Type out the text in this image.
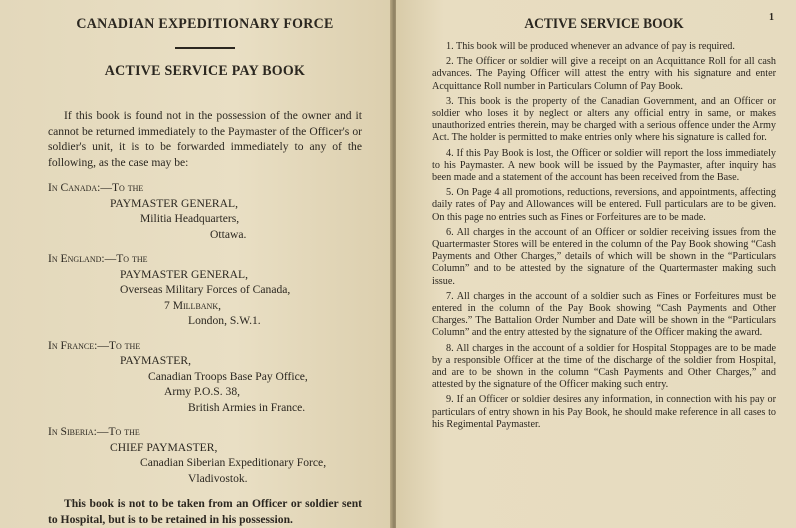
CANADIAN EXPEDITIONARY FORCE
ACTIVE SERVICE PAY BOOK

If this book is found not in the possession of the owner and it cannot be returned immediately to the Paymaster of the Officer's or soldier's unit, it is to be forwarded immediately to any of the following, as the case may be:

In Canada:—To the
PAYMASTER GENERAL,
Militia Headquarters,
Ottawa.
In England:—To the
PAYMASTER GENERAL,
Overseas Military Forces of Canada,
7 Millbank,
London, S.W.1.
In France:—To the
PAYMASTER,
Canadian Troops Base Pay Office,
Army P.O.S. 38,
British Armies in France.
In Siberia:—To the
CHIEF PAYMASTER,
Canadian Siberian Expeditionary Force,
Vladivostok.

This book is not to be taken from an Officer or soldier sent to Hospital, but is to be retained in his possession.

ACTIVE SERVICE BOOK	1

1. This book will be produced whenever an advance of pay is required.

2. The Officer or soldier will give a receipt on an Acquittance Roll for all cash advances. The Paying Officer will attest the entry with his signature and enter Acquittance Roll number in Particulars Column of Pay Book.

3. This book is the property of the Canadian Government, and an Officer or soldier who loses it by neglect or alters any official entry in same, or makes unauthorized entries therein, may be charged with a serious offence under the Army Act. The holder is permitted to make entries only where his signature is called for.

4. If this Pay Book is lost, the Officer or soldier will report the loss immediately to his Paymaster. A new book will be issued by the Paymaster, after inquiry has been made and a statement of the account has been received from the Base.

5. On Page 4 all promotions, reductions, reversions, and appointments, affecting daily rates of Pay and Allowances will be entered. Full particulars are to be given. On this page no entries such as Fines or Forfeitures are to be made.

6. All charges in the account of an Officer or soldier receiving issues from the Quartermaster Stores will be entered in the column of the Pay Book showing “Cash Payments and Other Charges,” details of which will be shown in the “Particulars Column” and to be attested by the signature of the Quartermaster making such issue.

7. All charges in the account of a soldier such as Fines or Forfeitures must be entered in the column of the Pay Book showing “Cash Payments and Other Charges.” The Battalion Order Number and Date will be shown in the “Particulars Column” and the entry attested by the signature of the Officer making the award.

8. All charges in the account of a soldier for Hospital Stoppages are to be made by a responsible Officer at the time of the discharge of the soldier from Hospital, and are to be shown in the column “Cash Payments and Other Charges,” and attested by the signature of the Officer making such entry.

9. If an Officer or soldier desires any information, in connection with his pay or particulars of entry shown in his Pay Book, he should make reference in all cases to his Regimental Paymaster.
